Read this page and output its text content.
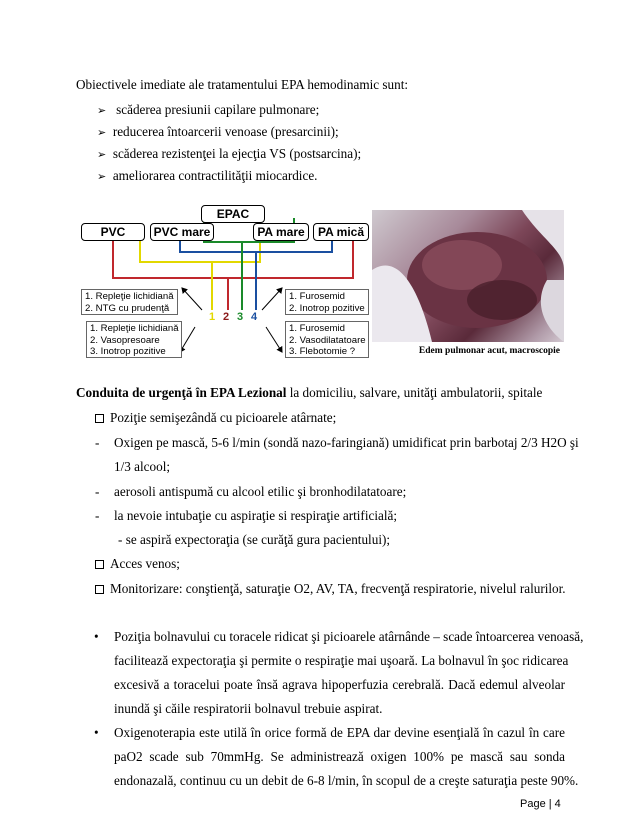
Obiectivele imediate ale tratamentului EPA hemodinamic sunt:
➢   scăderea presiunii capilare pulmonare;
➢ reducerea întoarcerii venoase (presarcinii);
➢ scăderea rezistenţei la ejecţia VS (postsarcina);
➢ ameliorarea contractilităţii miocardice.
EPAC
PVC	PVC mare	PA mare	PA mică
1. Repleţie lichidiană
2. NTG cu prudenţă
1. Repleţie lichidiană
2. Vasopresoare
3. Inotrop pozitive
1. Furosemid
2. Inotrop pozitive
1. Furosemid
2. Vasodilatatoare
3. Flebotomie ?
1 2 3 4
Edem pulmonar acut, macroscopie
Conduita de urgenţă în EPA Lezional la domiciliu, salvare, unităţi ambulatorii, spitale
Poziţie semişezândă cu picioarele atârnate;
- Oxigen pe mască, 5-6 l/min (sondă nazo-faringiană) umidificat prin barbotaj 2/3 H2O şi
1/3 alcool;
- aerosoli antispumă cu alcool etilic şi bronhodilatatoare;
- la nevoie intubaţie cu aspiraţie si respiraţie artificială;
- se aspiră expectoraţia (se curăţă gura pacientului);
Acces venos;
Monitorizare: conştienţă, saturaţie O2, AV, TA, frecvenţă respiratorie, nivelul ralurilor.
• Poziţia bolnavului cu toracele ridicat şi picioarele atârnânde – scade întoarcerea venoasă,
facilitează expectoraţia şi permite o respiraţie mai uşoară. La bolnavul în şoc ridicarea
excesivă a toracelui poate însă agrava hipoperfuzia cerebrală. Dacă edemul alveolar
inundă şi căile respiratorii bolnavul trebuie aspirat.
• Oxigenoterapia este utilă în orice formă de EPA dar devine esenţială în cazul în care
paO2 scade sub 70mmHg. Se administrează oxigen 100% pe mască sau sonda
endonazală, continuu cu un debit de 6-8 l/min, în scopul de a creşte saturaţia peste 90%.
Page | 4
